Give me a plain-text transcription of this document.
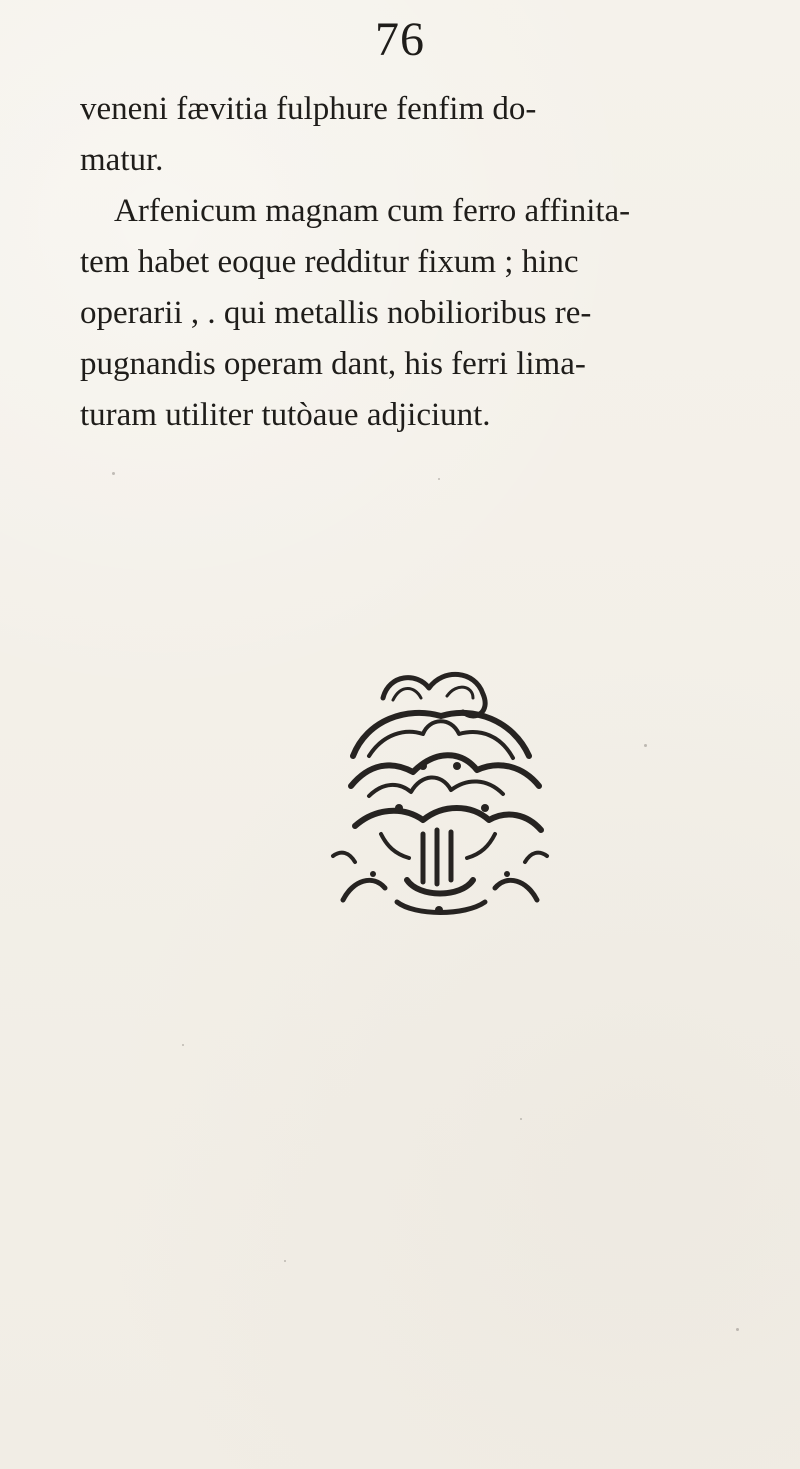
76
veneni fævitia fulphure fenfim do-
matur.
Arfenicum magnam cum ferro affinita-
tem habet eoque redditur fixum ; hinc
operarii , . qui metallis nobilioribus re-
pugnandis operam dant, his ferri lima-
turam utiliter tutòaue adjiciunt.
